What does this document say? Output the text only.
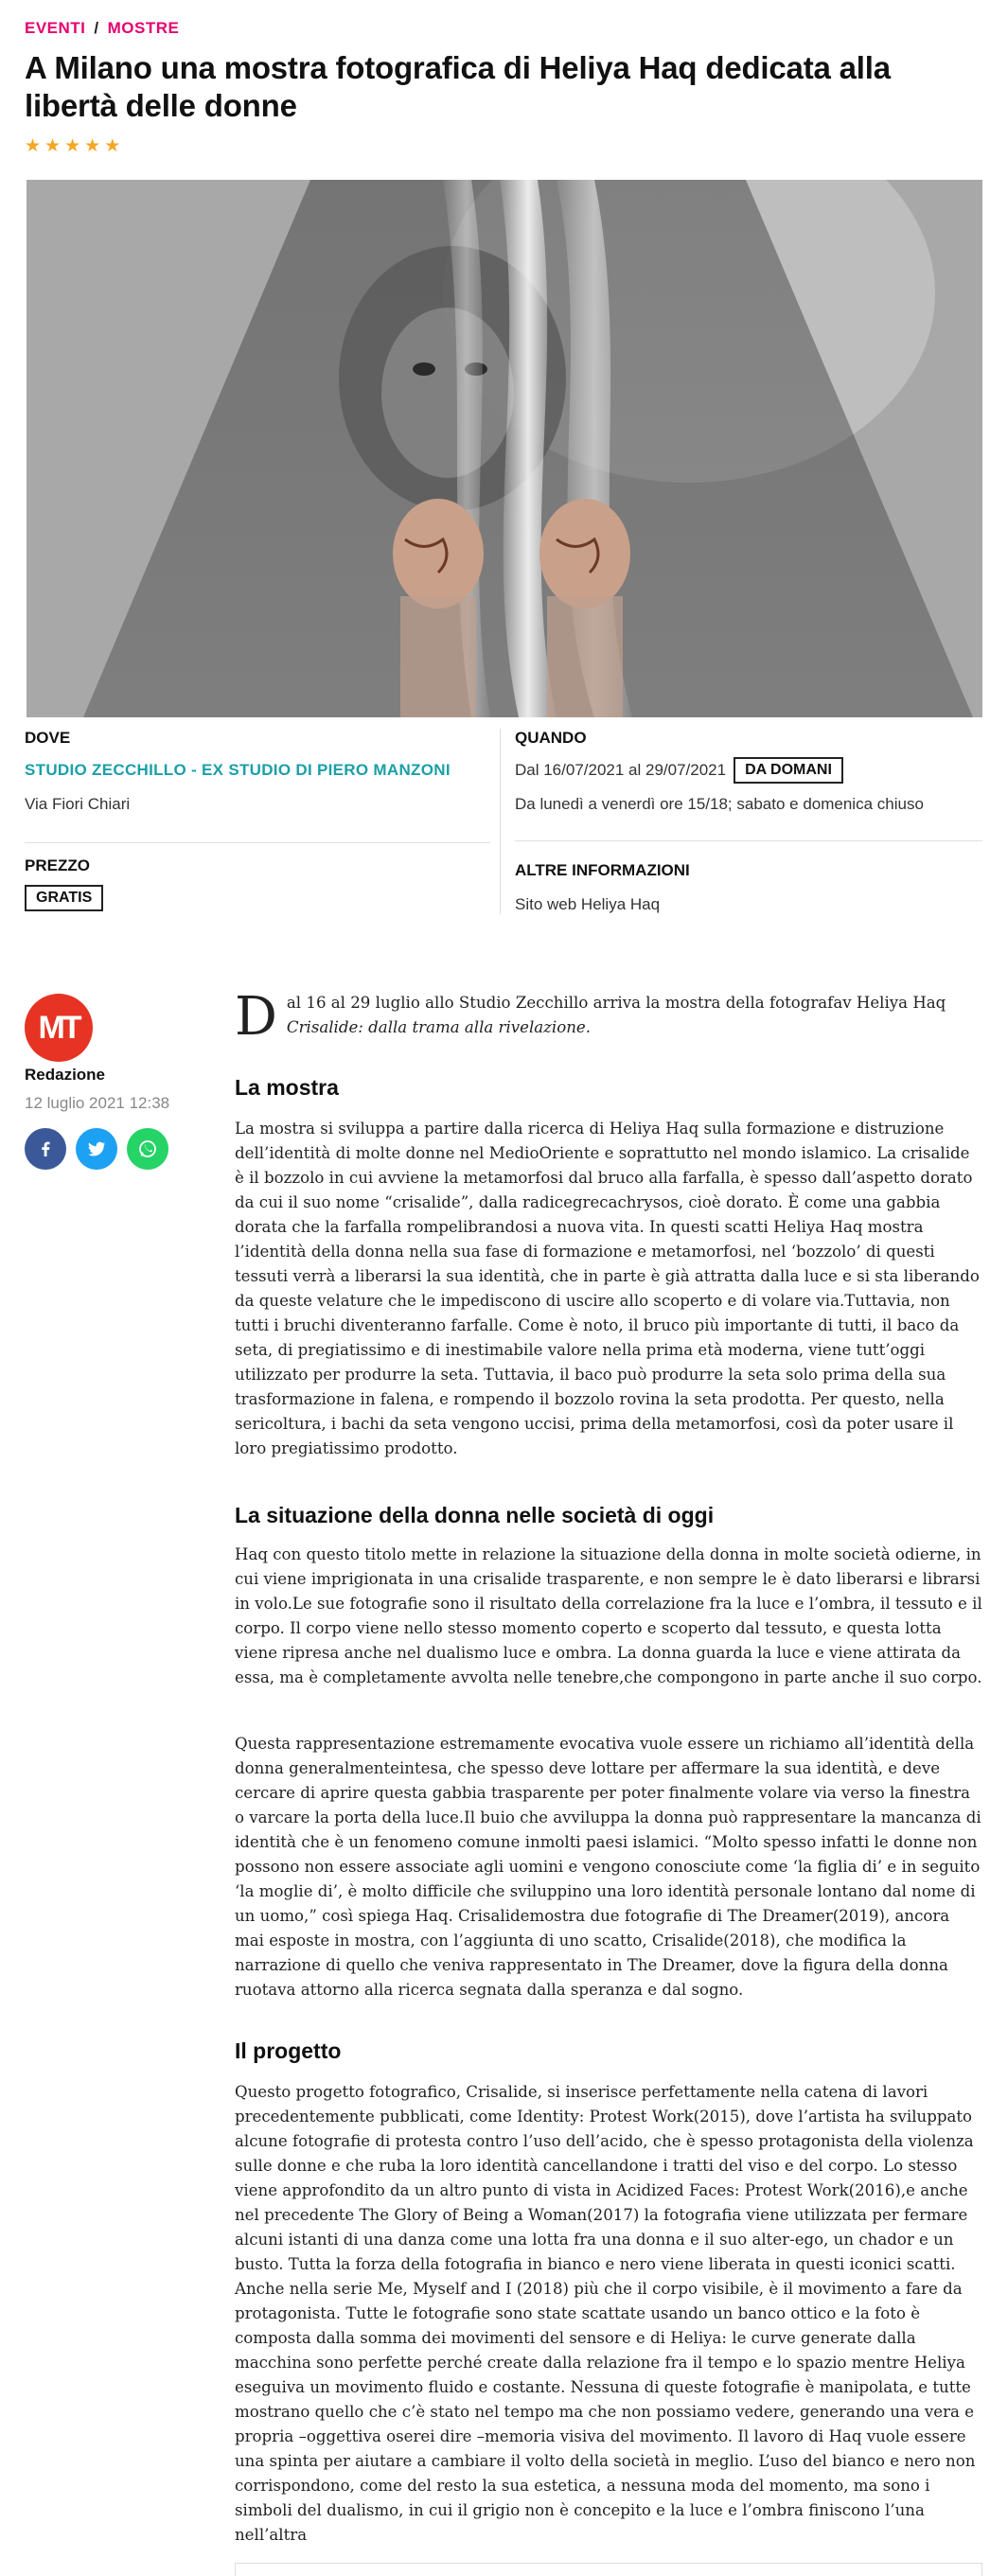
EVENTI / MOSTRE
A Milano una mostra fotografica di Heliya Haq dedicata alla libertà delle donne
★ ★ ★ ★ ★
DOVE
STUDIO ZECCHILLO - EX STUDIO DI PIERO MANZONI
Via Fiori Chiari
PREZZO
GRATIS
QUANDO
Dal 16/07/2021 al 29/07/2021	DA DOMANI
Da lunedì a venerdì ore 15/18; sabato e domenica chiuso
ALTRE INFORMAZIONI
Sito web Heliya Haq
MT
Redazione
12 luglio 2021 12:38
D al 16 al 29 luglio allo Studio Zecchillo arriva la mostra della fotografav Heliya Haq
Crisalide: dalla trama alla rivelazione.
La mostra

La mostra si sviluppa a partire dalla ricerca di Heliya Haq sulla formazione e distruzione dell’identità di molte donne nel MedioOriente e soprattutto nel mondo islamico. La crisalide è il bozzolo in cui avviene la metamorfosi dal bruco alla farfalla, è spesso dall’aspetto dorato da cui il suo nome “crisalide”, dalla radicegrecachrysos, cioè dorato. È come una gabbia dorata che la farfalla rompelibrandosi a nuova vita. In questi scatti Heliya Haq mostra l’identità della donna nella sua fase di formazione e metamorfosi, nel ‘bozzolo’ di questi tessuti verrà a liberarsi la sua identità, che in parte è già attratta dalla luce e si sta liberando da queste velature che le impediscono di uscire allo scoperto e di volare via.Tuttavia, non tutti i bruchi diventeranno farfalle. Come è noto, il bruco più importante di tutti, il baco da seta, di pregiatissimo e di inestimabile valore nella prima età moderna, viene tutt’oggi utilizzato per produrre la seta. Tuttavia, il baco può produrre la seta solo prima della sua trasformazione in falena, e rompendo il bozzolo rovina la seta prodotta. Per questo, nella sericoltura, i bachi da seta vengono uccisi, prima della metamorfosi, così da poter usare il loro pregiatissimo prodotto.

La situazione della donna nelle società di oggi

Haq con questo titolo mette in relazione la situazione della donna in molte società odierne, in cui viene imprigionata in una crisalide trasparente, e non sempre le è dato liberarsi e librarsi in volo.Le sue fotografie sono il risultato della correlazione fra la luce e l’ombra, il tessuto e il corpo. Il corpo viene nello stesso momento coperto e scoperto dal tessuto, e questa lotta viene ripresa anche nel dualismo luce e ombra. La donna guarda la luce e viene attirata da essa, ma è completamente avvolta nelle tenebre,che compongono in parte anche il suo corpo.

Questa rappresentazione estremamente evocativa vuole essere un richiamo all’identità della donna generalmenteintesa, che spesso deve lottare per affermare la sua identità, e deve cercare di aprire questa gabbia trasparente per poter finalmente volare via verso la finestra o varcare la porta della luce.Il buio che avviluppa la donna può rappresentare la mancanza di identità che è un fenomeno comune inmolti paesi islamici. “Molto spesso infatti le donne non possono non essere associate agli uomini e vengono conosciute come ‘la figlia di’ e in seguito ‘la moglie di’, è molto difficile che sviluppino una loro identità personale lontano dal nome di un uomo,” così spiega Haq. Crisalidemostra due fotografie di The Dreamer(2019), ancora mai esposte in mostra, con l’aggiunta di uno scatto, Crisalide(2018), che modifica la narrazione di quello che veniva rappresentato in The Dreamer, dove la figura della donna ruotava attorno alla ricerca segnata dalla speranza e dal sogno.

Il progetto

Questo progetto fotografico, Crisalide, si inserisce perfettamente nella catena di lavori precedentemente pubblicati, come Identity: Protest Work(2015), dove l’artista ha sviluppato alcune fotografie di protesta contro l’uso dell’acido, che è spesso protagonista della violenza sulle donne e che ruba la loro identità cancellandone i tratti del viso e del corpo. Lo stesso viene approfondito da un altro punto di vista in Acidized Faces: Protest Work(2016),e anche nel precedente The Glory of Being a Woman(2017) la fotografia viene utilizzata per fermare alcuni istanti di una danza come una lotta fra una donna e il suo alter-ego, un chador e un busto. Tutta la forza della fotografia in bianco e nero viene liberata in questi iconici scatti. Anche nella serie Me, Myself and I (2018) più che il corpo visibile, è il movimento a fare da protagonista. Tutte le fotografie sono state scattate usando un banco ottico e la foto è composta dalla somma dei movimenti del sensore e di Heliya: le curve generate dalla macchina sono perfette perché create dalla relazione fra il tempo e lo spazio mentre Heliya eseguiva un movimento fluido e costante. Nessuna di queste fotografie è manipolata, e tutte mostrano quello che c’è stato nel tempo ma che non possiamo vedere, generando una vera e propria –oggettiva oserei dire –memoria visiva del movimento. Il lavoro di Haq vuole essere una spinta per aiutare a cambiare il volto della società in meglio. L’uso del bianco e nero non corrispondono, come del resto la sua estetica, a nessuna moda del momento, ma sono i simboli del dualismo, in cui il grigio non è concepito e la luce e l’ombra finiscono l’una nell’altra
